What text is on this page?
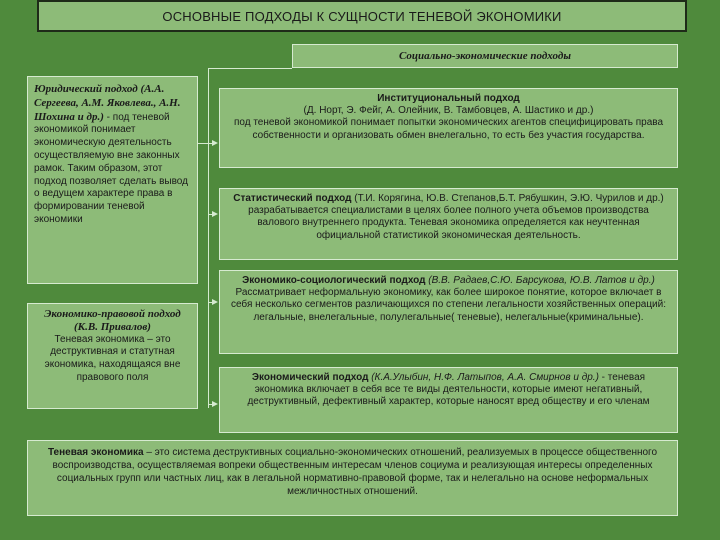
ОСНОВНЫЕ ПОДХОДЫ К СУЩНОСТИ ТЕНЕВОЙ ЭКОНОМИКИ
Социально-экономические подходы
Юридический подход (А.А. Сергеева, А.М. Яковлева., А.Н. Шохина и др.) - под теневой экономикой понимает экономическую деятельность осуществляемую вне законных рамок. Таким образом, этот подход позволяет сделать вывод о ведущем характере права в формировании теневой экономики
Экономико-правовой подход
(К.В. Привалов)
Теневая экономика – это деструктивная и статутная экономика, находящаяся вне правового поля
Институциональный подход
(Д. Норт, Э. Фейг, А. Олейник, В. Тамбовцев, А. Шастико и др.)
под теневой экономикой понимает попытки экономических агентов специфицировать права собственности и организовать обмен внелегально, то есть без участия государства.
Статистический подход (Т.И. Корягина, Ю.В. Степанов,Б.Т. Рябушкин, Э.Ю. Чурилов и др.) разрабатывается специалистами в целях более полного учета объемов производства валового внутреннего продукта. Теневая экономика определяется как неучтенная официальной статистикой экономическая деятельность.
Экономико-социологический подход (В.В. Радаев,С.Ю. Барсукова, Ю.В. Латов и др.) Рассматривает неформальную экономику, как более широкое понятие, которое включает в себя несколько сегментов различающихся по степени легальности хозяйственных операций: легальные, внелегальные, полулегальные( теневые), нелегальные(криминальные).
Экономический подход (К.А.Улыбин, Н.Ф. Латыпов, А.А. Смирнов и др.) - теневая экономика включает в себя все те виды деятельности, которые имеют негативный, деструктивный, дефективный характер, которые наносят вред обществу и его членам
Теневая экономика – это система деструктивных социально-экономических отношений, реализуемых в процессе общественного воспроизводства, осуществляемая вопреки общественным интересам членов социума и реализующая интересы определенных социальных групп или частных лиц, как в легальной нормативно-правовой форме, так и нелегально на основе неформальных межличностных отношений.
